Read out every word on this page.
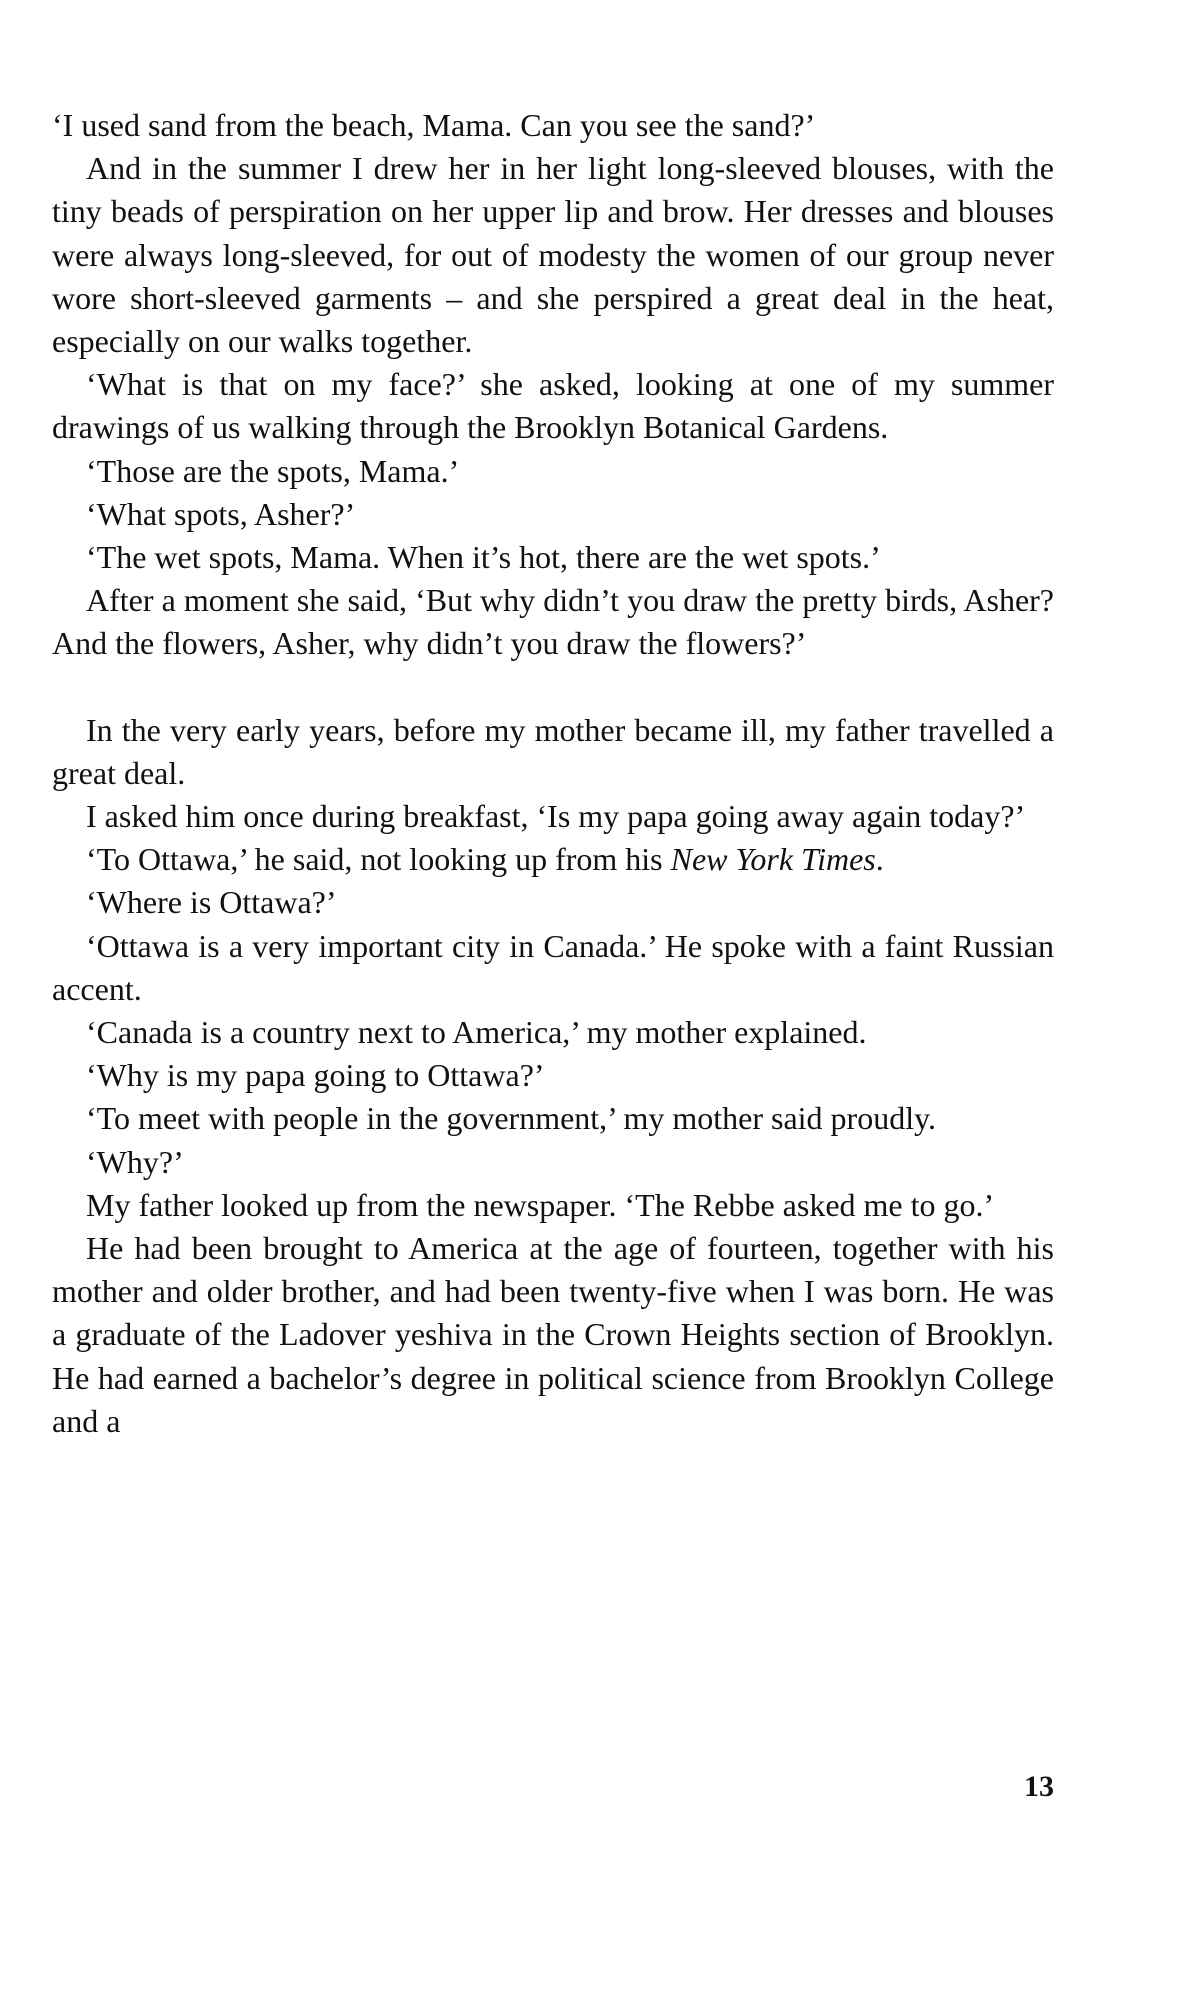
‘I used sand from the beach, Mama. Can you see the sand?’

And in the summer I drew her in her light long-sleeved blouses, with the tiny beads of perspiration on her upper lip and brow. Her dresses and blouses were always long-sleeved, for out of modesty the women of our group never wore short-sleeved garments – and she perspired a great deal in the heat, especially on our walks together.

‘What is that on my face?’ she asked, looking at one of my summer drawings of us walking through the Brooklyn Botanical Gardens.

‘Those are the spots, Mama.’

‘What spots, Asher?’

‘The wet spots, Mama. When it’s hot, there are the wet spots.’

After a moment she said, ‘But why didn’t you draw the pretty birds, Asher? And the flowers, Asher, why didn’t you draw the flowers?’

In the very early years, before my mother became ill, my father travelled a great deal.

I asked him once during breakfast, ‘Is my papa going away again today?’

‘To Ottawa,’ he said, not looking up from his New York Times.

‘Where is Ottawa?’

‘Ottawa is a very important city in Canada.’ He spoke with a faint Russian accent.

‘Canada is a country next to America,’ my mother explained.

‘Why is my papa going to Ottawa?’

‘To meet with people in the government,’ my mother said proudly.

‘Why?’

My father looked up from the newspaper. ‘The Rebbe asked me to go.’

He had been brought to America at the age of fourteen, together with his mother and older brother, and had been twenty-five when I was born. He was a graduate of the Ladover yeshiva in the Crown Heights section of Brooklyn. He had earned a bachelor’s degree in political science from Brooklyn College and a

13
